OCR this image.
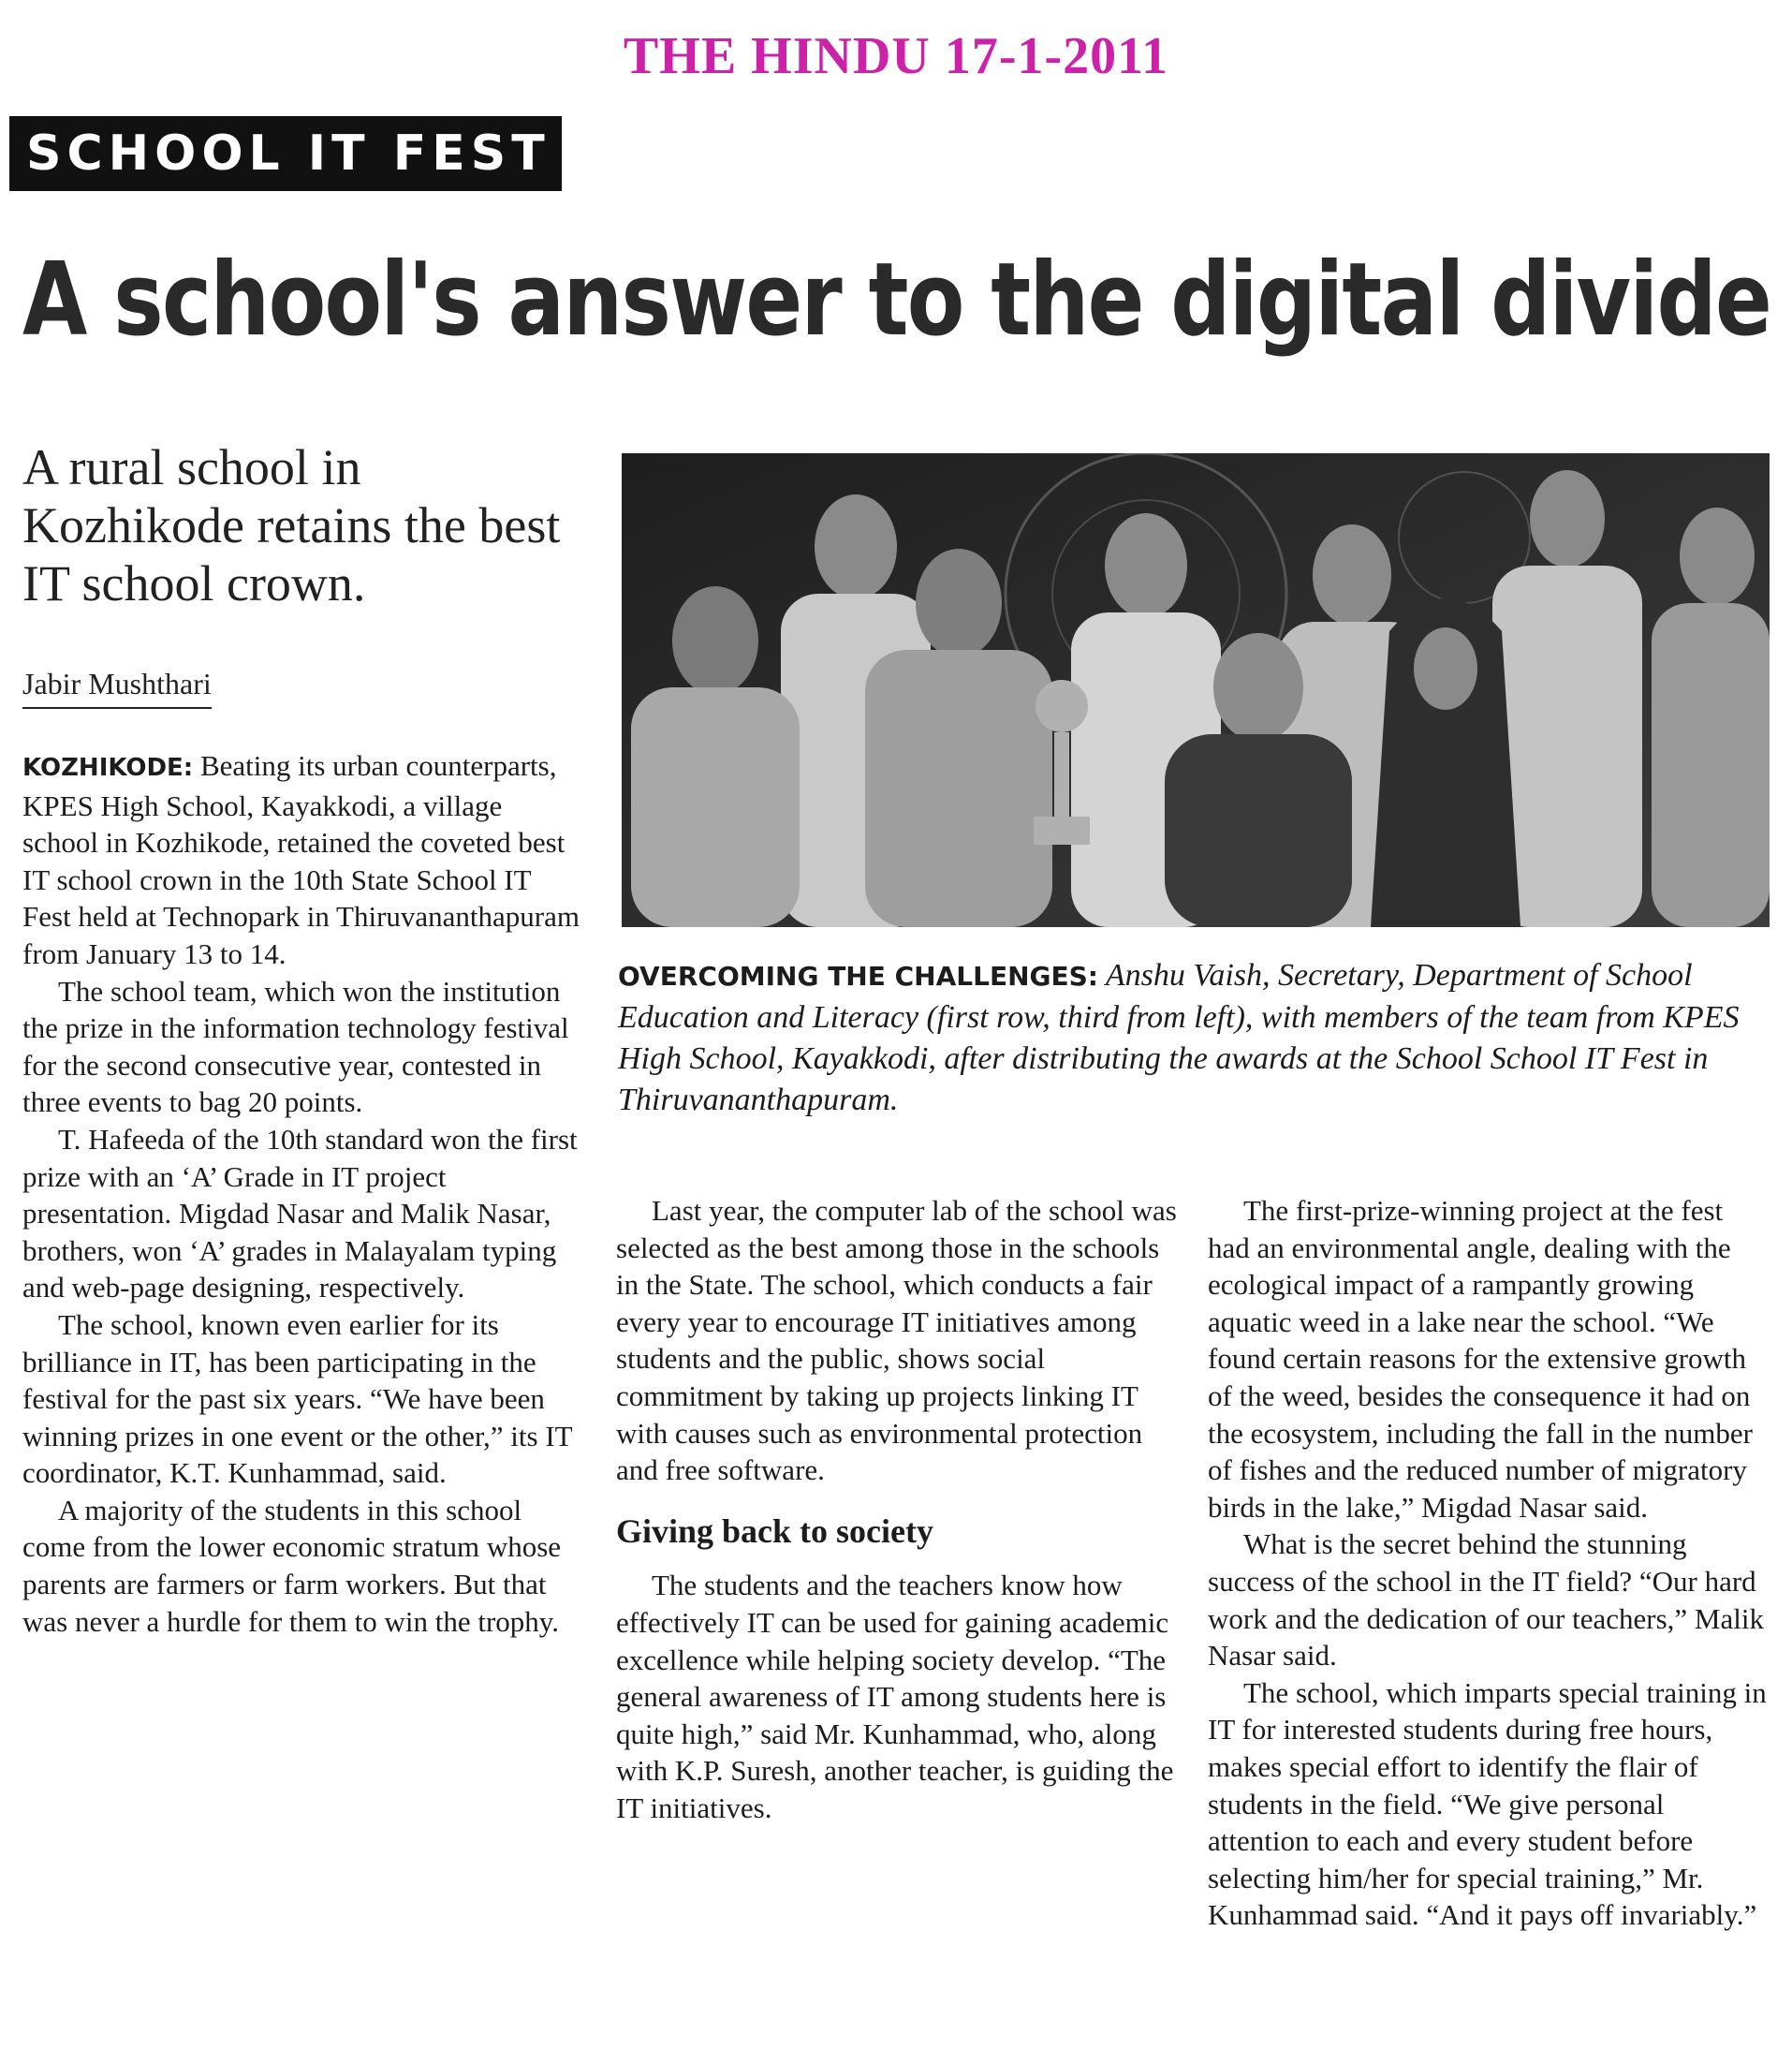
THE HINDU 17-1-2011
SCHOOL IT FEST
A school's answer to the digital divide
A rural school in Kozhikode retains the best IT school crown.
Jabir Mushthari
OVERCOMING THE CHALLENGES: Anshu Vaish, Secretary, Department of School Education and Literacy (first row, third from left), with members of the team from KPES High School, Kayakkodi, after distributing the awards at the School School IT Fest in Thiruvananthapuram.

KOZHIKODE: Beating its urban counterparts, KPES High School, Kayakkodi, a village school in Kozhikode, retained the coveted best IT school crown in the 10th State School IT Fest held at Technopark in Thiruvananthapuram from January 13 to 14.

The school team, which won the institution the prize in the information technology festival for the second consecutive year, contested in three events to bag 20 points.

T. Hafeeda of the 10th standard won the first prize with an ‘A’ Grade in IT project presentation. Migdad Nasar and Malik Nasar, brothers, won ‘A’ grades in Malayalam typing and web-page designing, respectively.

The school, known even earlier for its brilliance in IT, has been participating in the festival for the past six years. “We have been winning prizes in one event or the other,” its IT coordinator, K.T. Kunhammad, said.

A majority of the students in this school come from the lower economic stratum whose parents are farmers or farm workers. But that was never a hurdle for them to win the trophy.

Last year, the computer lab of the school was selected as the best among those in the schools in the State. The school, which conducts a fair every year to encourage IT initiatives among students and the public, shows social commitment by taking up projects linking IT with causes such as environmental protection and free software.

Giving back to society

The students and the teachers know how effectively IT can be used for gaining academic excellence while helping society develop. “The general awareness of IT among students here is quite high,” said Mr. Kunhammad, who, along with K.P. Suresh, another teacher, is guiding the IT initiatives.

The first-prize-winning project at the fest had an environmental angle, dealing with the ecological impact of a rampantly growing aquatic weed in a lake near the school. “We found certain reasons for the extensive growth of the weed, besides the consequence it had on the ecosystem, including the fall in the number of fishes and the reduced number of migratory birds in the lake,” Migdad Nasar said.

What is the secret behind the stunning success of the school in the IT field? “Our hard work and the dedication of our teachers,” Malik Nasar said.

The school, which imparts special training in IT for interested students during free hours, makes special effort to identify the flair of students in the field. “We give personal attention to each and every student before selecting him/her for special training,” Mr. Kunhammad said. “And it pays off invariably.”
